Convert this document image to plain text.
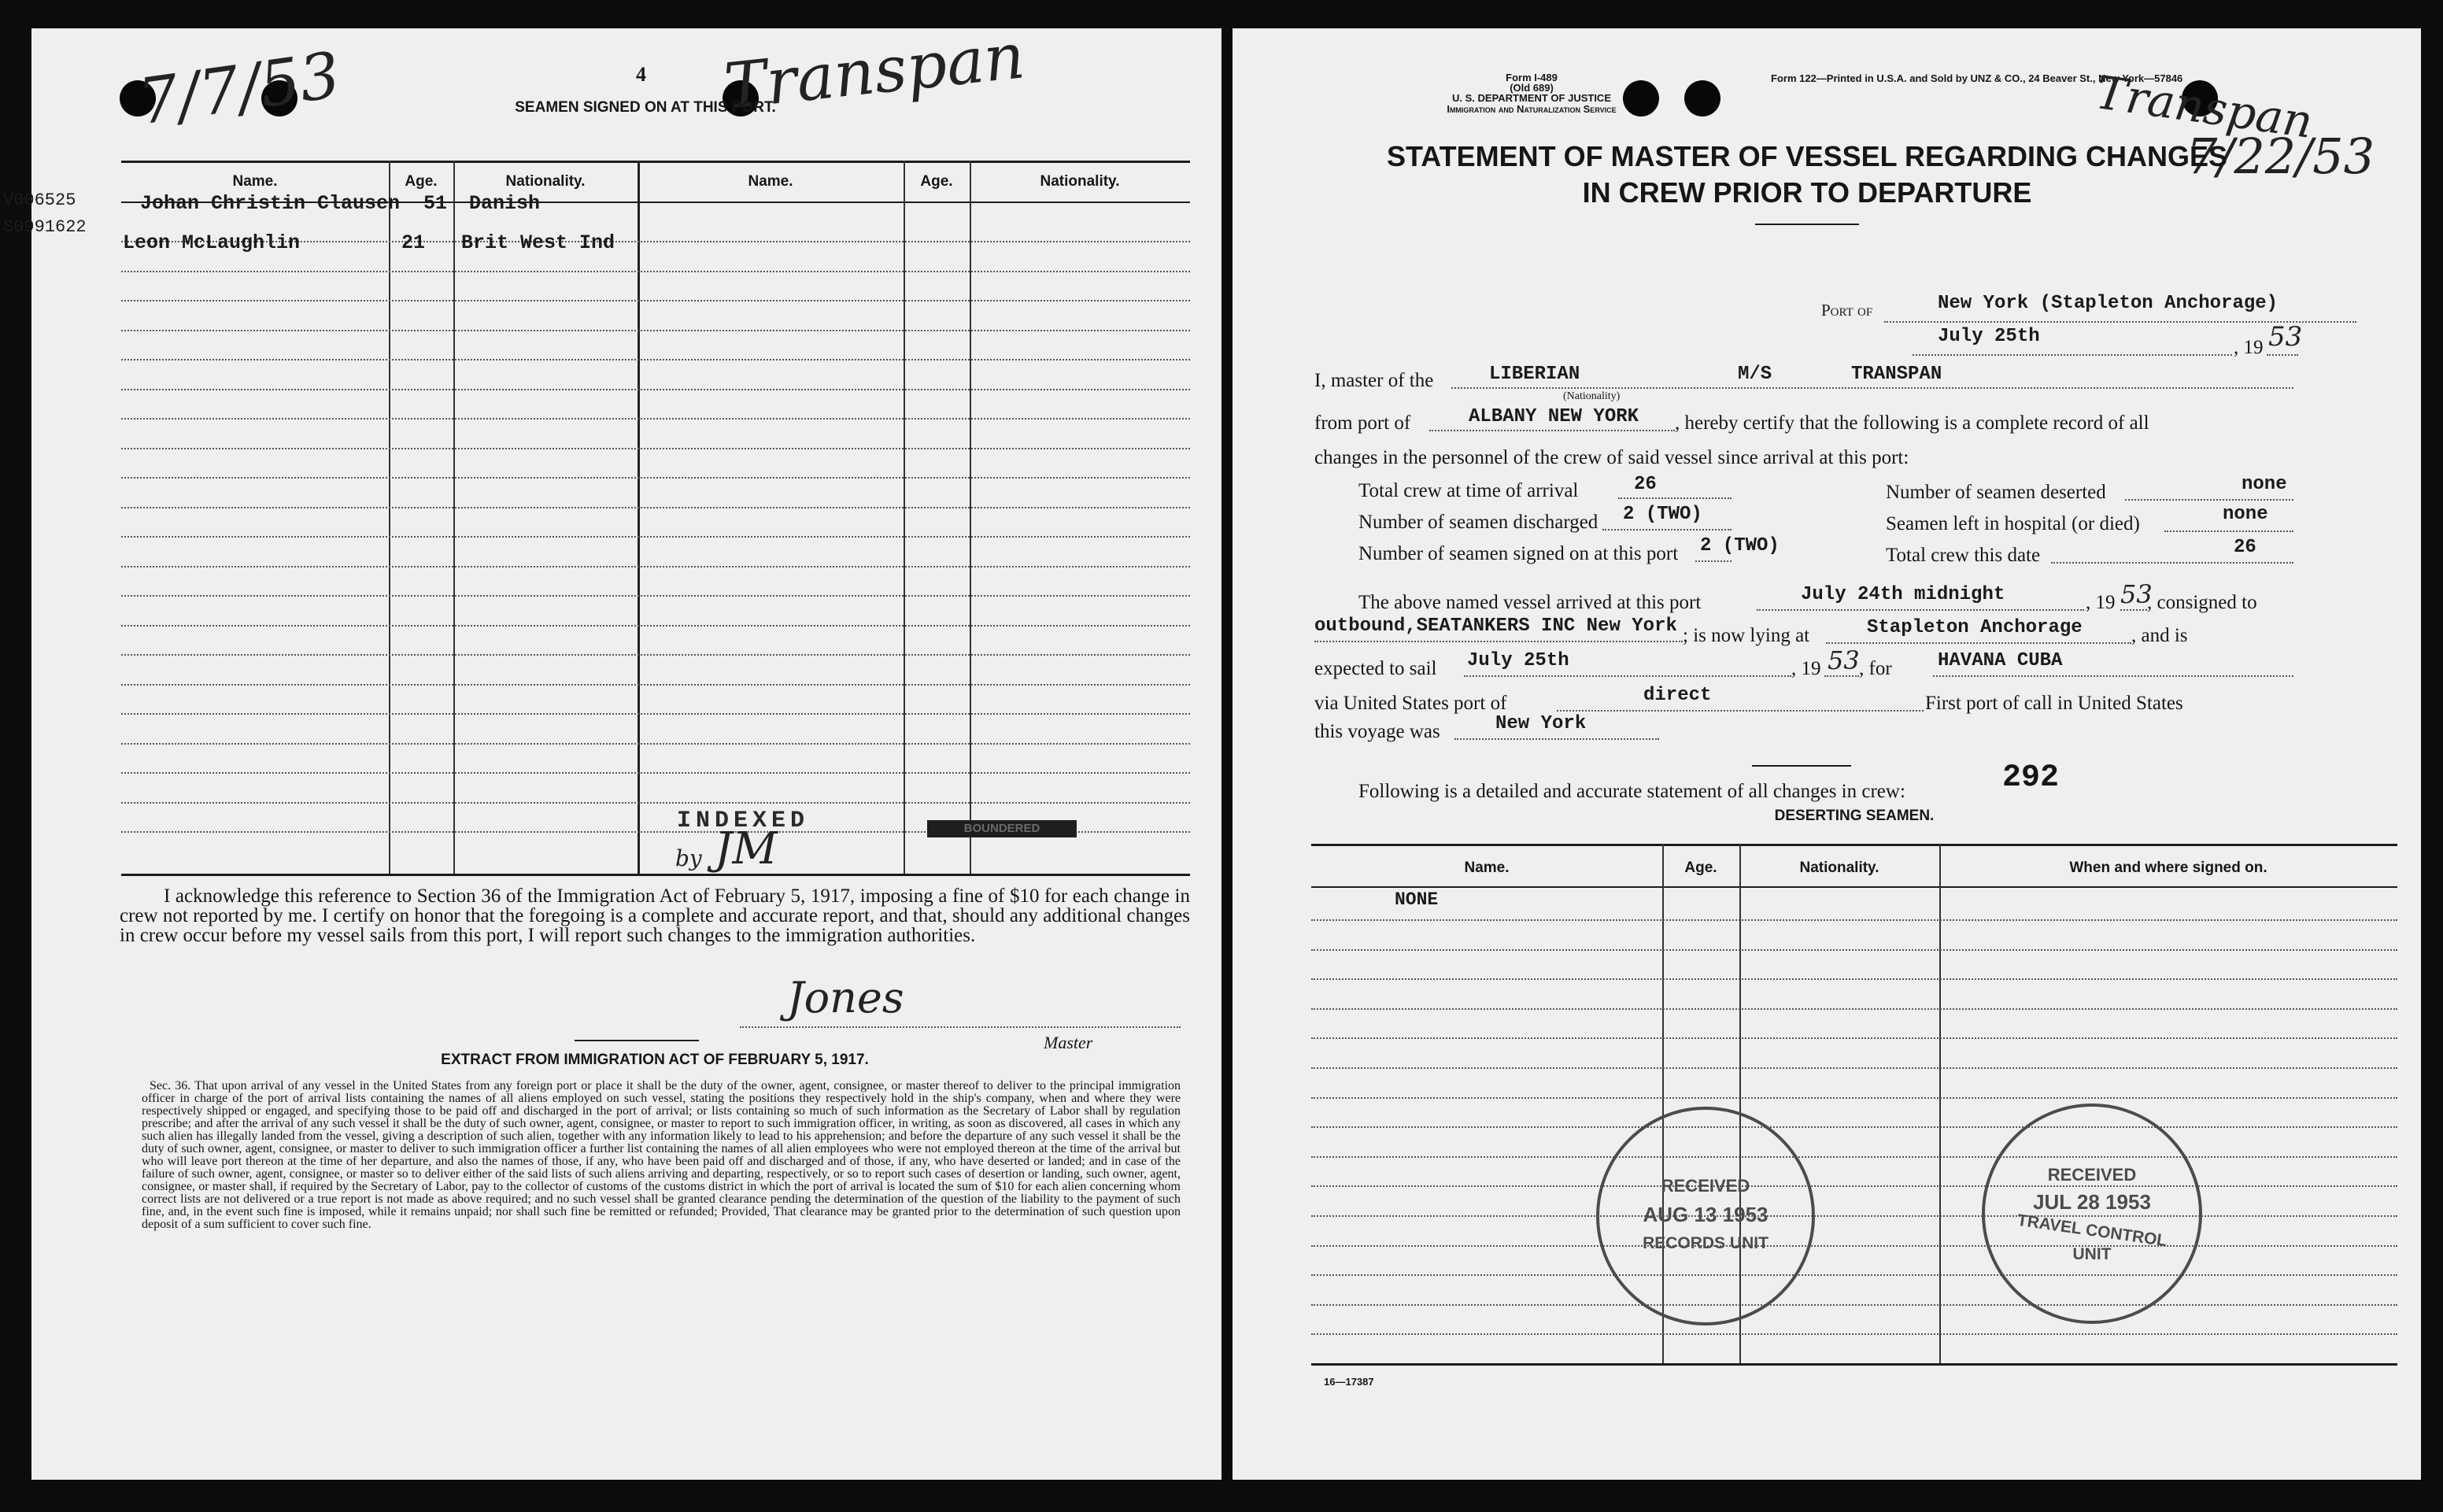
7/7/53	4 Transpan
SEAMEN SIGNED ON AT THIS PORT.
V006525
S0991622
Name.	Age.	Nationality.	Name.	Age.	Nationality.
Johan Christin Clausen	51	Danish
Leon McLaughlin	21 Brit West Ind
INDEXED
by JM	BOUNDERED
I acknowledge this reference to Section 36 of the Immigration Act of February 5, 1917, imposing a fine of $10 for each change in crew not reported by me. I certify on honor that the foregoing is a complete and accurate report, and that, should any additional changes in crew occur before my vessel sails from this port, I will report such changes to the immigration authorities.
Jones
Master
EXTRACT FROM IMMIGRATION ACT OF FEBRUARY 5, 1917.
Sec. 36. That upon arrival of any vessel in the United States from any foreign port or place it shall be the duty of the owner, agent, consignee, or master thereof to deliver to the principal immigration officer in charge of the port of arrival lists containing the names of all aliens employed on such vessel, stating the positions they respectively hold in the ship's company, when and where they were respectively shipped or engaged, and specifying those to be paid off and discharged in the port of arrival; or lists containing so much of such information as the Secretary of Labor shall by regulation prescribe; and after the arrival of any such vessel it shall be the duty of such owner, agent, consignee, or master to report to such immigration officer, in writing, as soon as discovered, all cases in which any such alien has illegally landed from the vessel, giving a description of such alien, together with any information likely to lead to his apprehension; and before the departure of any such vessel it shall be the duty of such owner, agent, consignee, or master to deliver to such immigration officer a further list containing the names of all alien employees who were not employed thereon at the time of the arrival but who will leave port thereon at the time of her departure, and also the names of those, if any, who have been paid off and discharged and of those, if any, who have deserted or landed; and in case of the failure of such owner, agent, consignee, or master so to deliver either of the said lists of such aliens arriving and departing, respectively, or so to report such cases of desertion or landing, such owner, agent, consignee, or master shall, if required by the Secretary of Labor, pay to the collector of customs of the customs district in which the port of arrival is located the sum of $10 for each alien concerning whom correct lists are not delivered or a true report is not made as above required; and no such vessel shall be granted clearance pending the determination of the question of the liability to the payment of such fine, and, in the event such fine is imposed, while it remains unpaid; nor shall such fine be remitted or refunded; Provided, That clearance may be granted prior to the determination of such question upon deposit of a sum sufficient to cover such fine.
Form I-489
(Old 689)
U. S. DEPARTMENT OF JUSTICE
Immigration and Naturalization Service
Form 122—Printed in U.S.A. and Sold by UNZ & CO., 24 Beaver St., New York—57846
Transpan
7/22/53
STATEMENT OF MASTER OF VESSEL REGARDING CHANGES
IN CREW PRIOR TO DEPARTURE
Port of	New York (Stapleton Anchorage)
July 25th
, 19 53
I, master of the	LIBERIAN
(Nationality)
M/S	TRANSPAN
from port of	ALBANY NEW YORK , hereby certify that the following is a complete record of all
changes in the personnel of the crew of said vessel since arrival at this port:
Total crew at time of arrival	26
Number of seamen discharged 2 (TWO)
Number of seamen signed on at this port 2 (TWO)
Number of seamen deserted	none
Seamen left in hospital (or died)	none
Total crew this date	26
The above named vessel arrived at this port	July 24th midnight	, 19 53
, consigned to
outbound,SEATANKERS INC New York ; is now lying at	Stapleton Anchorage , and is
expected to sail July 25th	, 19 53 , for HAVANA CUBA
via United States port of	direct	First port of call in United States
this voyage was	New York
Following is a detailed and accurate statement of all changes in crew:	292
DESERTING SEAMEN.
Name.	Age.	Nationality.	When and where signed on.
NONE
RECEIVED
AUG 13 1953
RECORDS UNIT
RECEIVED
JUL 28 1953
TRAVEL CONTROL
UNIT
16—17387
